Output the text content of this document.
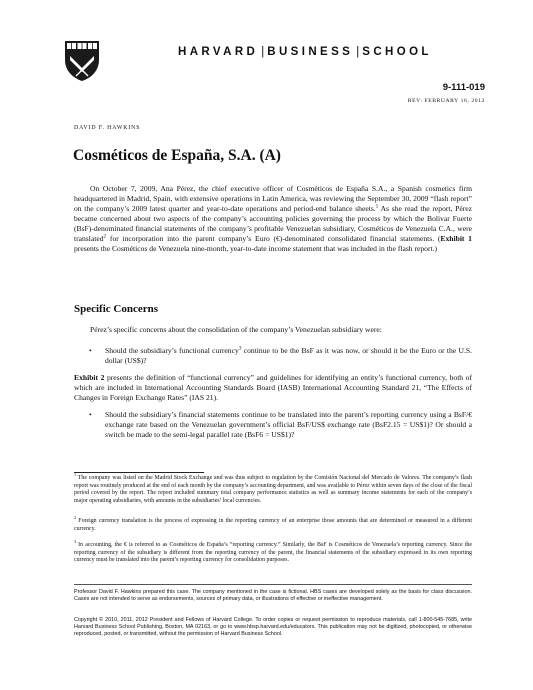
HARVARD | BUSINESS | SCHOOL
9-111-019
REV: FEBRUARY 16, 2012
DAVID F. HAWKINS
Cosméticos de España, S.A. (A)
On October 7, 2009, Ana Pérez, the chief executive officer of Cosméticos de España S.A., a Spanish cosmetics firm headquartered in Madrid, Spain, with extensive operations in Latin America, was reviewing the September 30, 2009 “flash report” on the company’s 2009 latest quarter and year-to-date operations and period-end balance sheets.$^1$ As she read the report, Pérez became concerned about two aspects of the company’s accounting policies governing the process by which the Bolivar Fuerte (BsF)-denominated financial statements of the company’s profitable Venezuelan subsidiary, Cosméticos de Venezuela C.A., were translated$^2$ for incorporation into the parent company’s Euro (€)-denominated consolidated financial statements. (Exhibit 1 presents the Cosméticos de Venezuela nine-month, year-to-date income statement that was included in the flash report.)
Specific Concerns
Pérez’s specific concerns about the consolidation of the company’s Venezuelan subsidiary were:
• Should the subsidiary’s functional currency$^3$ continue to be the BsF as it was now, or should it be the Euro or the U.S. dollar (US$)?
Exhibit 2 presents the definition of “functional currency” and guidelines for identifying an entity’s functional currency, both of which are included in International Accounting Standards Board (IASB) International Accounting Standard 21, “The Effects of Changes in Foreign Exchange Rates” (IAS 21).
• Should the subsidiary’s financial statements continue to be translated into the parent’s reporting currency using a BsF/€ exchange rate based on the Venezuelan government’s official BsF/US$ exchange rate (BsF2.15 = US$1)? Or should a switch be made to the semi-legal parallel rate (BsF6 = US$1)?
$^1$ The company was listed on the Madrid Stock Exchange and was thus subject to regulation by the Comisión Nacional del Mercado de Valores. The company’s flash report was routinely produced at the end of each month by the company’s accounting department, and was available to Pérez within seven days of the close of the fiscal period covered by the report. The report included summary total company performance statistics as well as summary income statements for each of the company’s major operating subsidiaries, with amounts in the subsidiaries’ local currencies.
$^2$ Foreign currency translation is the process of expressing in the reporting currency of an enterprise those amounts that are determined or measured in a different currency.
$^3$ In accounting, the € is referred to as Cosméticos de España’s “reporting currency.” Similarly, the BsF is Cosméticos de Venezuela’s reporting currency. Since the reporting currency of the subsidiary is different from the reporting currency of the parent, the financial statements of the subsidiary expressed in its own reporting currency must be translated into the parent’s reporting currency for consolidation purposes.
Professor David F. Hawkins prepared this case. The company mentioned in the case is fictional. HBS cases are developed solely as the basis for class discussion. Cases are not intended to serve as endorsements, sources of primary data, or illustrations of effective or ineffective management.
Copyright © 2010, 2011, 2012 President and Fellows of Harvard College. To order copies or request permission to reproduce materials, call 1-800-545-7685, write Harvard Business School Publishing, Boston, MA 02163, or go to www.hbsp.harvard.edu/educators. This publication may not be digitized, photocopied, or otherwise reproduced, posted, or transmitted, without the permission of Harvard Business School.
